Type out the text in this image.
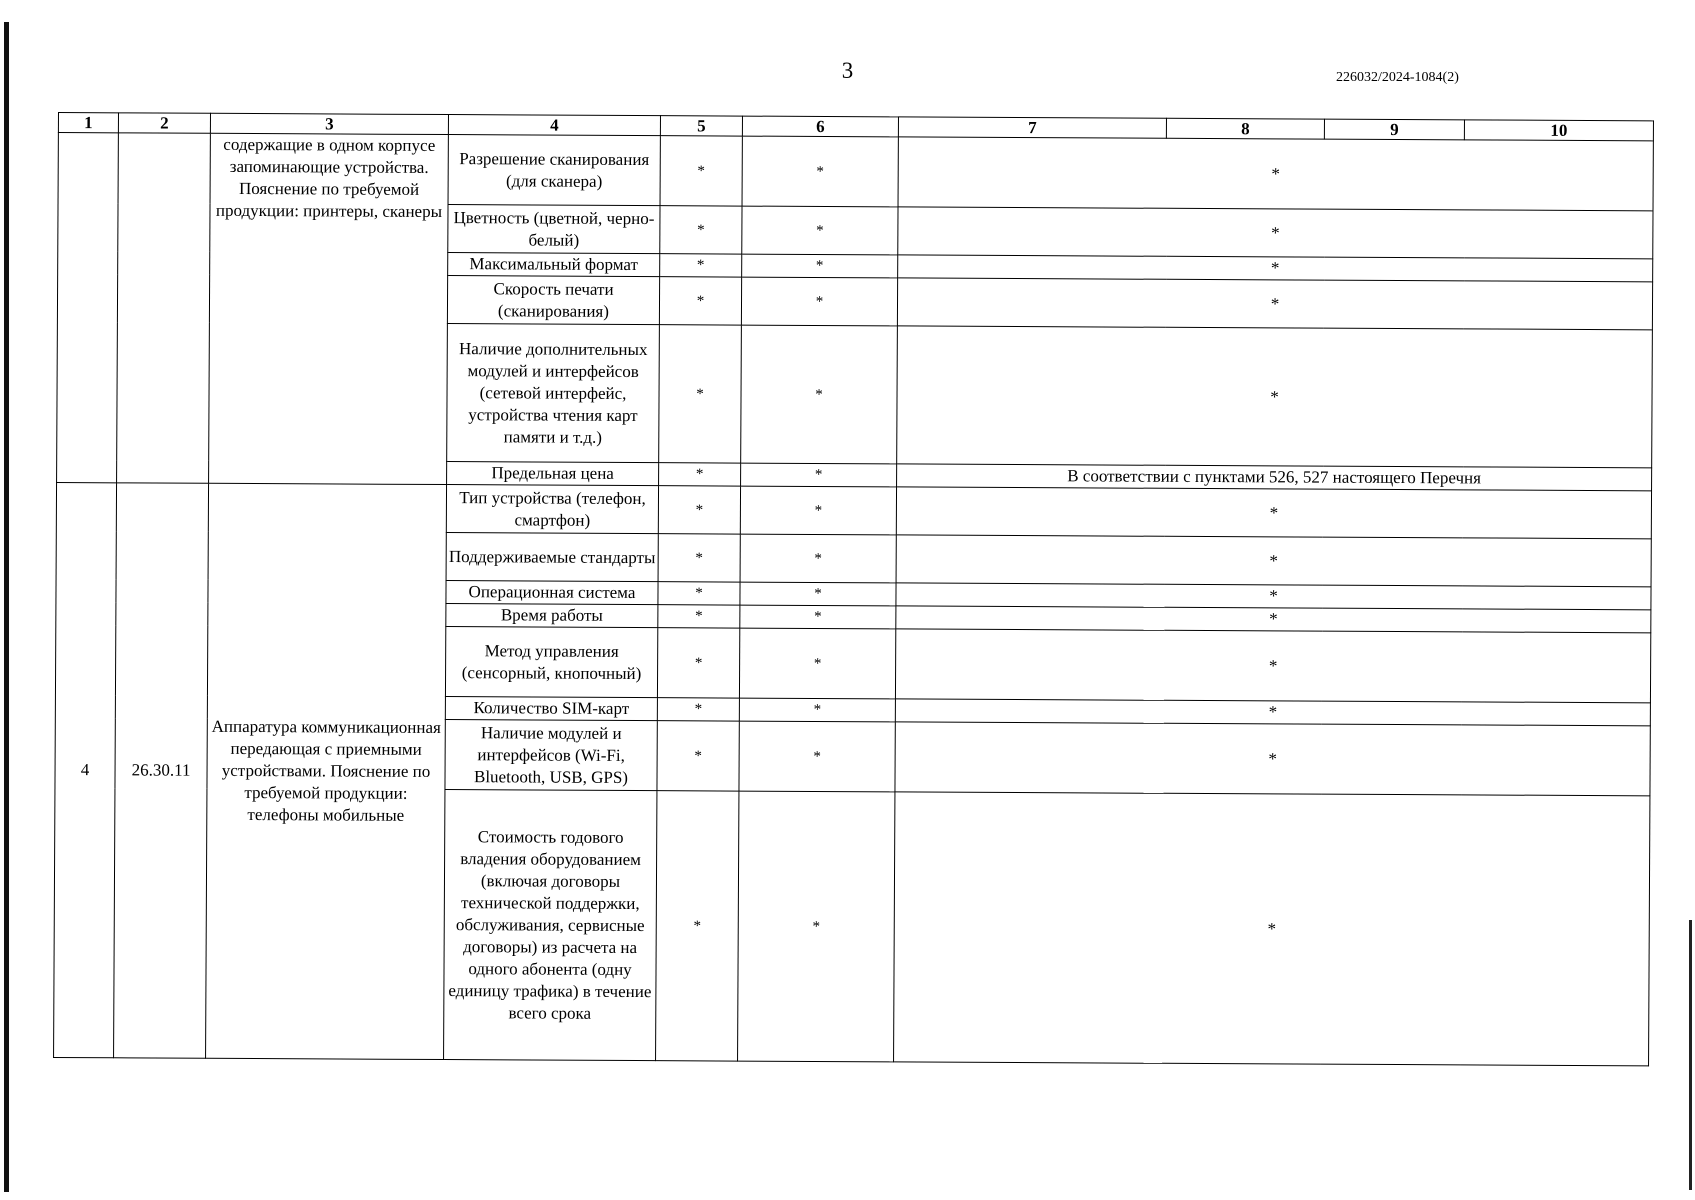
3	226032/2024-1084(2)
1	2	3	4	5	6	7	8	9	10
		содержащие в одном корпусе запоминающие устройства. Пояснение по требуемой продукции: принтеры, сканеры	Разрешение сканирования (для сканера)	*	*	*			
			Цветность (цветной, черно-белый)	*	*	*			
			Максимальный формат	*	*	*			
			Скорость печати (сканирования)	*	*	*			
			Наличие дополнительных модулей и интерфейсов (сетевой интерфейс, устройства чтения карт памяти и т.д.)	*	*	*			
			Предельная цена	*	*	В соответствии с пунктами 526, 527 настоящего Перечня			
4	26.30.11	Аппаратура коммуникационная передающая с приемными устройствами. Пояснение по требуемой продукции: телефоны мобильные	Тип устройства (телефон, смартфон)	*	*	*			
			Поддерживаемые стандарты	*	*	*			
			Операционная система	*	*	*			
			Время работы	*	*	*			
			Метод управления (сенсорный, кнопочный)	*	*	*			
			Количество SIM-карт	*	*	*			
			Наличие модулей и интерфейсов (Wi-Fi, Bluetooth, USB, GPS)	*	*	*			
			Стоимость годового владения оборудованием (включая договоры технической поддержки, обслуживания, сервисные договоры) из расчета на одного абонента (одну единицу трафика) в течение всего срока	*	*	*			
